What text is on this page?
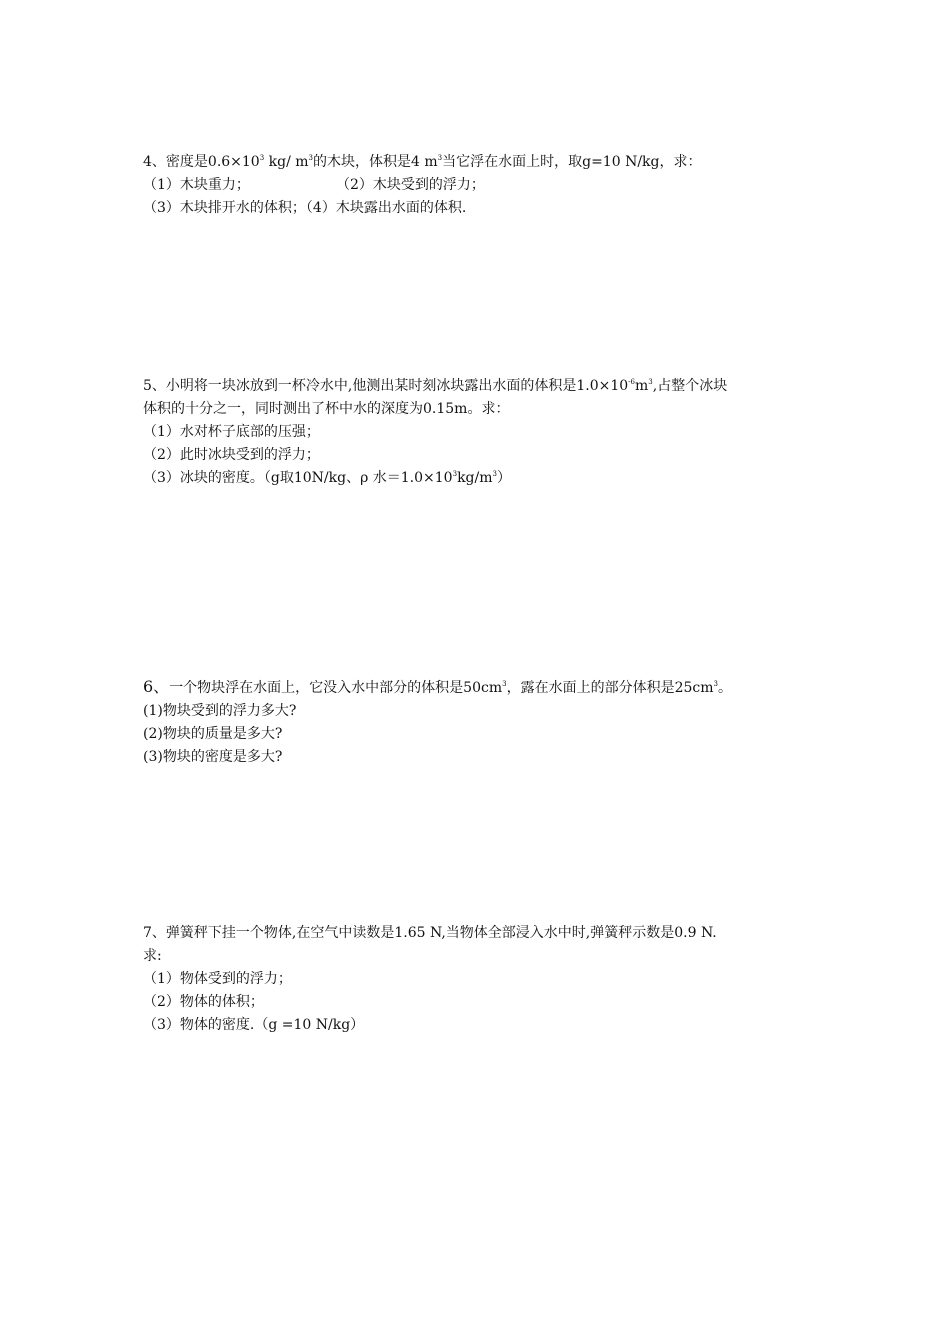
4、密度是$0.6\times 10^3$ kg/ $m^3$的木块，体积是4 $m^3$当它浮在水面上时，取g=10 N/kg，求：
（1）木块重力；	（2）木块受到的浮力；
（3）木块排开水的体积；（4）木块露出水面的体积.
5、小明将一块冰放到一杯冷水中,他测出某时刻冰块露出水面的体积是$1.0\times 10^{-6}m^3$,占整个冰块
体积的十分之一，同时测出了杯中水的深度为0.15m。求：
（1）水对杯子底部的压强；
（2）此时冰块受到的浮力；
（3）冰块的密度。（g取10N/kg、ρ 水$=1.0\times 10^3kg/m^3$）
6、一个物块浮在水面上，它没入水中部分的体积是$50cm^3$，露在水面上的部分体积是$25cm^3$。
(1)物块受到的浮力多大?
(2)物块的质量是多大?
(3)物块的密度是多大?
7、弹簧秤下挂一个物体,在空气中读数是1.65 N,当物体全部浸入水中时,弹簧秤示数是0.9 N.
求:
（1）物体受到的浮力；
（2）物体的体积；
（3）物体的密度.（g =10 N/kg）
